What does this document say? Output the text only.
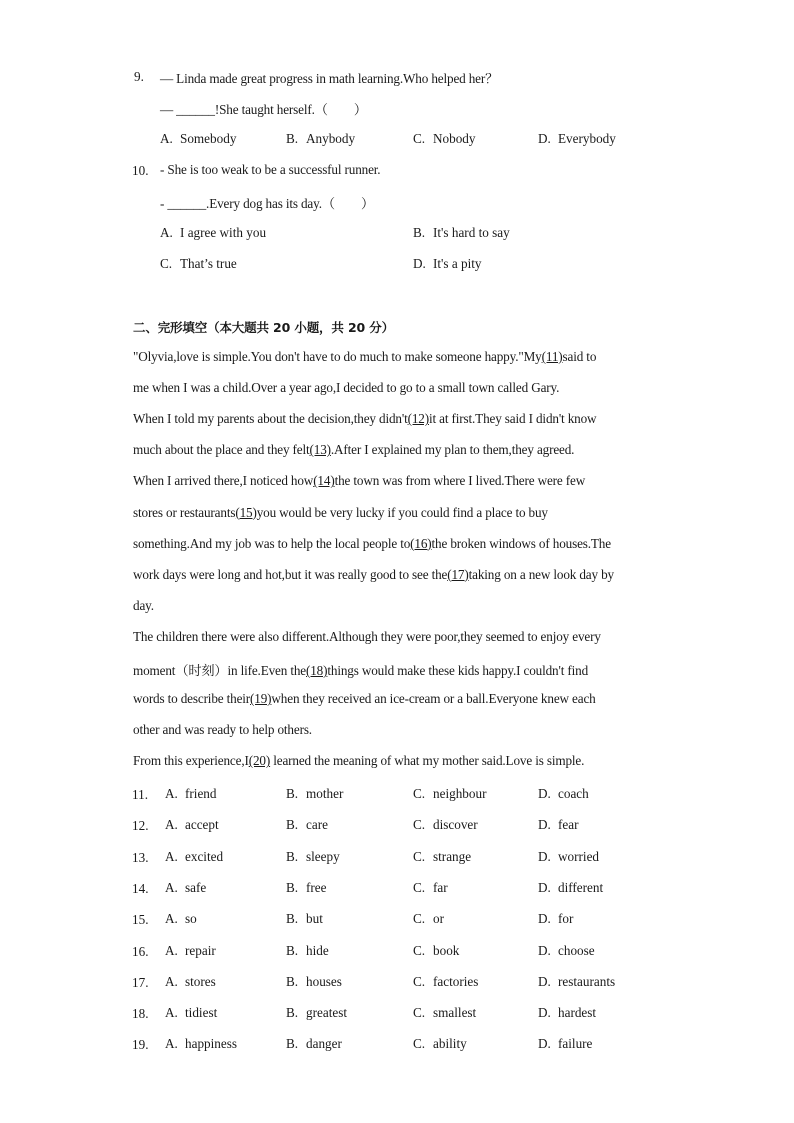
9. — Linda made great progress in math learning.Who helped her？
— ______!She taught herself.（　　）
A. Somebody	B. Anybody	C. Nobody	D. Everybody
10. - She is too weak to be a successful runner.
- ______.Every dog has its day.（　　）
A. I agree with you	B. It's hard to say
C. That’s true	D. It's a pity
二、完形填空（本大题共 20 小题，共 20 分）
"Olyvia,love is simple.You don't have to do much to make someone happy."My(11)said to
me when I was a child.Over a year ago,I decided to go to a small town called Gary.
When I told my parents about the decision,they didn't(12)it at first.They said I didn't know
much about the place and they felt(13).After I explained my plan to them,they agreed.
When I arrived there,I noticed how(14)the town was from where I lived.There were few
stores or restaurants(15)you would be very lucky if you could find a place to buy
something.And my job was to help the local people to(16)the broken windows of houses.The
work days were long and hot,but it was really good to see the(17)taking on a new look day by
day.
The children there were also different.Although they were poor,they seemed to enjoy every
moment（时刻）in life.Even the(18)things would make these kids happy.I couldn't find
words to describe their(19)when they received an ice-cream or a ball.Everyone knew each
other and was ready to help others.
From this experience,I(20) learned the meaning of what my mother said.Love is simple.
11. A. friend	B. mother	C. neighbour	D. coach
12. A. accept	B. care	C. discover	D. fear
13. A. excited	B. sleepy	C. strange	D. worried
14. A. safe	B. free	C. far	D. different
15. A. so	B. but	C. or	D. for
16. A. repair	B. hide	C. book	D. choose
17. A. stores	B. houses	C. factories	D. restaurants
18. A. tidiest	B. greatest	C. smallest	D. hardest
19. A. happiness	B. danger	C. ability	D. failure
